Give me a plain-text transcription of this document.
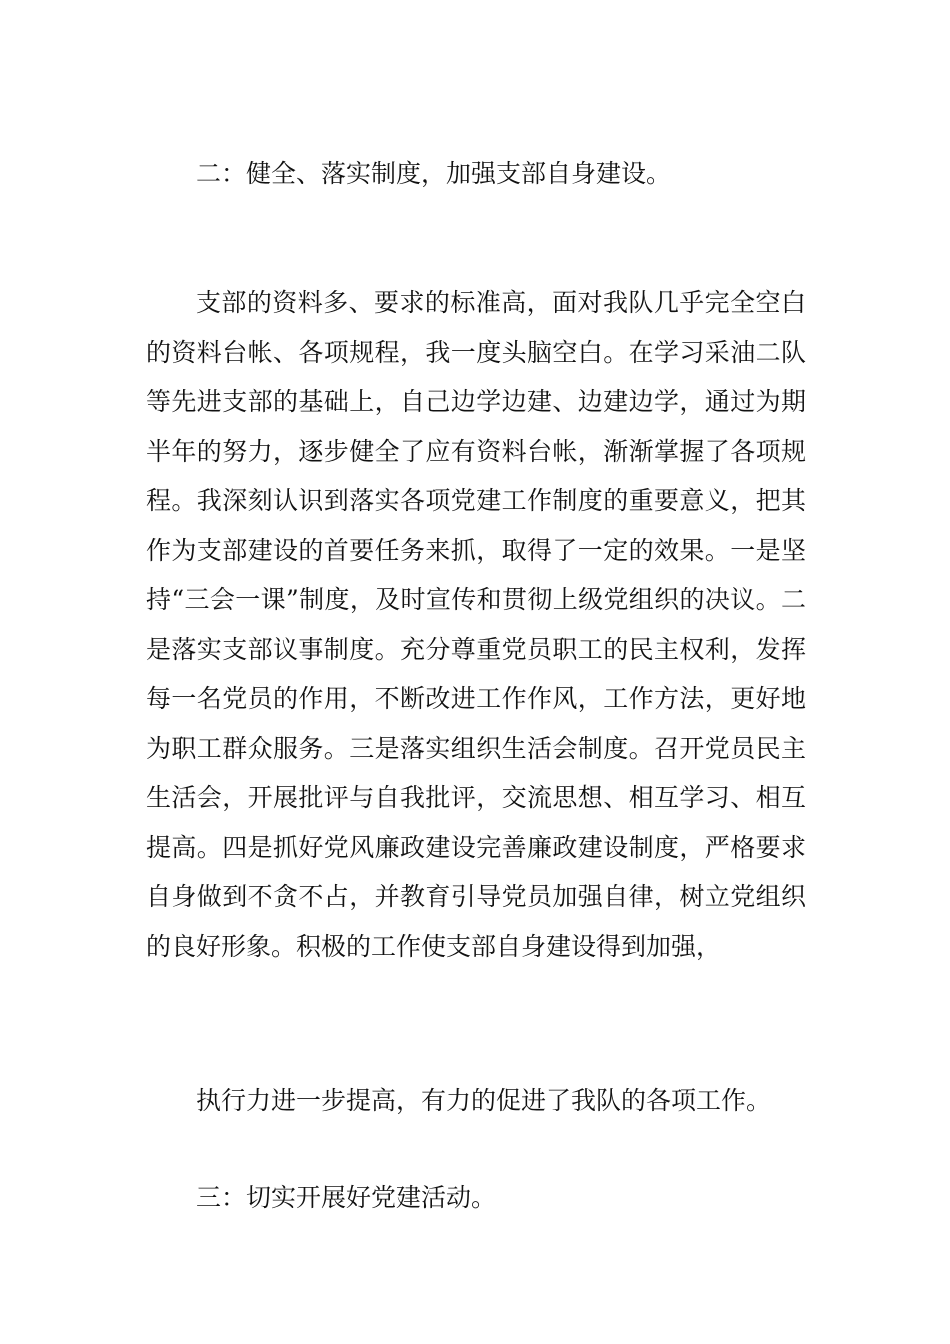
二：健全、落实制度，加强支部自身建设。

支部的资料多、要求的标准高，面对我队几乎完全空白的资料台帐、各项规程，我一度头脑空白。在学习采油二队等先进支部的基础上，自己边学边建、边建边学，通过为期半年的努力，逐步健全了应有资料台帐，渐渐掌握了各项规程。我深刻认识到落实各项党建工作制度的重要意义，把其作为支部建设的首要任务来抓，取得了一定的效果。一是坚持“三会一课”制度，及时宣传和贯彻上级党组织的决议。二是落实支部议事制度。充分尊重党员职工的民主权利，发挥每一名党员的作用，不断改进工作作风，工作方法，更好地为职工群众服务。三是落实组织生活会制度。召开党员民主生活会，开展批评与自我批评，交流思想、相互学习、相互提高。四是抓好党风廉政建设完善廉政建设制度，严格要求自身做到不贪不占，并教育引导党员加强自律，树立党组织的良好形象。积极的工作使支部自身建设得到加强，

执行力进一步提高，有力的促进了我队的各项工作。

三：切实开展好党建活动。
